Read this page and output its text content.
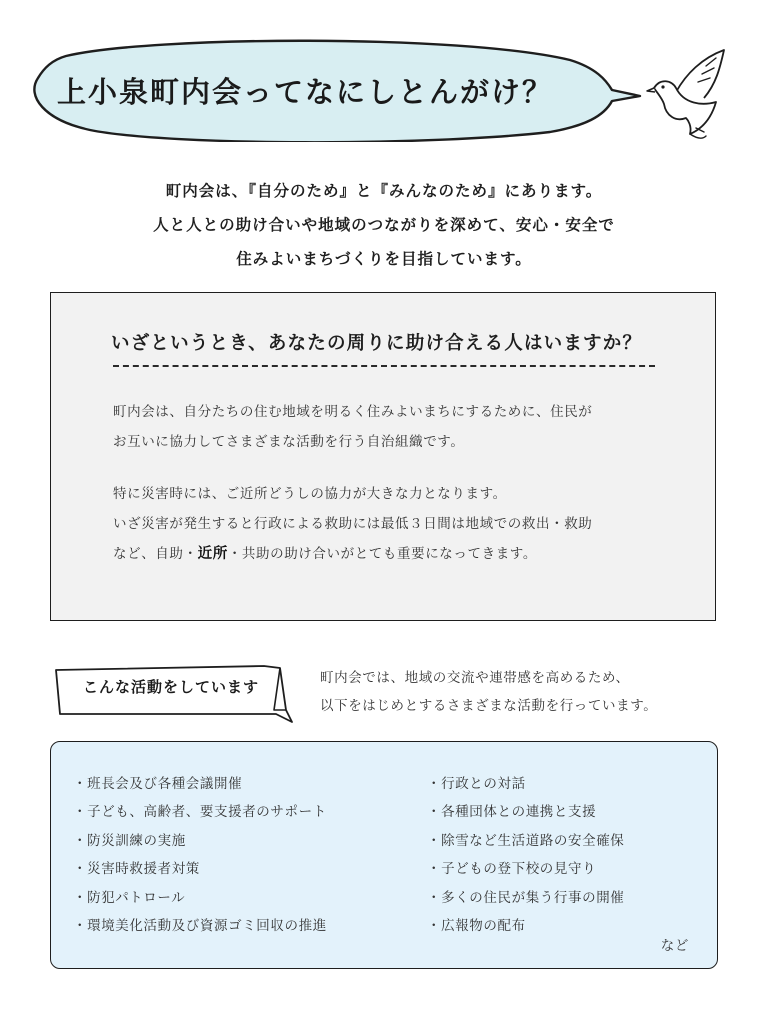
上小泉町内会ってなにしとんがけ？
町内会は、『自分のため』と『みんなのため』にあります。
人と人との助け合いや地域のつながりを深めて、安心・安全で
住みよいまちづくりを目指しています。
いざというとき、あなたの周りに助け合える人はいますか？

町内会は、自分たちの住む地域を明るく住みよいまちにするために、住民が

お互いに協力してさまざまな活動を行う自治組織です。

特に災害時には、ご近所どうしの協力が大きな力となります。

いざ災害が発生すると行政による救助には最低３日間は地域での救出・救助

など、自助・近所・共助の助け合いがとても重要になってきます。

こんな活動をしています	町内会では、地域の交流や連帯感を高めるため、

以下をはじめとするさまざまな活動を行っています。

・班長会及び各種会議開催
・子ども、高齢者、要支援者のサポート
・防災訓練の実施
・災害時救援者対策
・防犯パトロール
・環境美化活動及び資源ゴミ回収の推進
・行政との対話
・各種団体との連携と支援
・除雪など生活道路の安全確保
・子どもの登下校の見守り
・多くの住民が集う行事の開催
・広報物の配布
など
